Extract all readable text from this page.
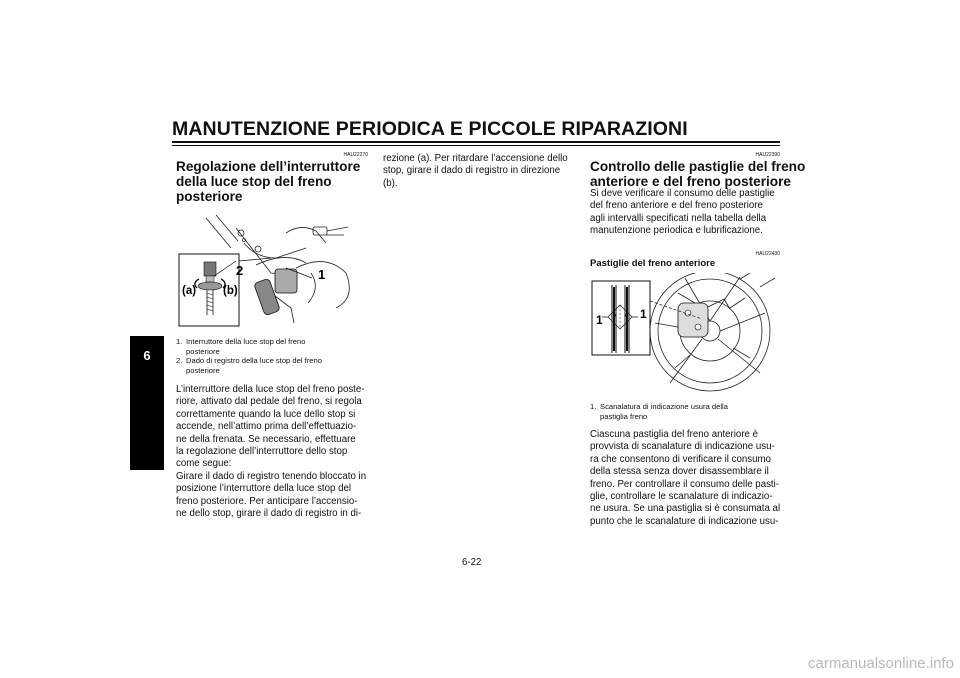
MANUTENZIONE PERIODICA E PICCOLE RIPARAZIONI
6
HAU22270
Regolazione dell’interruttore
della luce stop del freno
posteriore
2	1
(a) (b)
1. Interruttore della luce stop del freno
posteriore
2. Dado di registro della luce stop del freno
posteriore
L’interruttore della luce stop del freno poste-
riore, attivato dal pedale del freno, si regola
correttamente quando la luce dello stop si
accende, nell’attimo prima dell’effettuazio-
ne della frenata. Se necessario, effettuare
la regolazione dell’interruttore dello stop
come segue:
Girare il dado di registro tenendo bloccato in
posizione l’interruttore della luce stop del
freno posteriore. Per anticipare l’accensio-
ne dello stop, girare il dado di registro in di-
rezione (a). Per ritardare l’accensione dello
stop, girare il dado di registro in direzione
(b).
HAU22390
Controllo delle pastiglie del freno
anteriore e del freno posteriore
Si deve verificare il consumo delle pastiglie
del freno anteriore e del freno posteriore
agli intervalli specificati nella tabella della
manutenzione periodica e lubrificazione.
HAU22430
Pastiglie del freno anteriore
1	1
1. Scanalatura di indicazione usura della
pastiglia freno
Ciascuna pastiglia del freno anteriore è
provvista di scanalature di indicazione usu-
ra che consentono di verificare il consumo
della stessa senza dover disassemblare il
freno. Per controllare il consumo delle pasti-
glie, controllare le scanalature di indicazio-
ne usura. Se una pastiglia si è consumata al
punto che le scanalature di indicazione usu-
6-22
carmanualsonline.info
